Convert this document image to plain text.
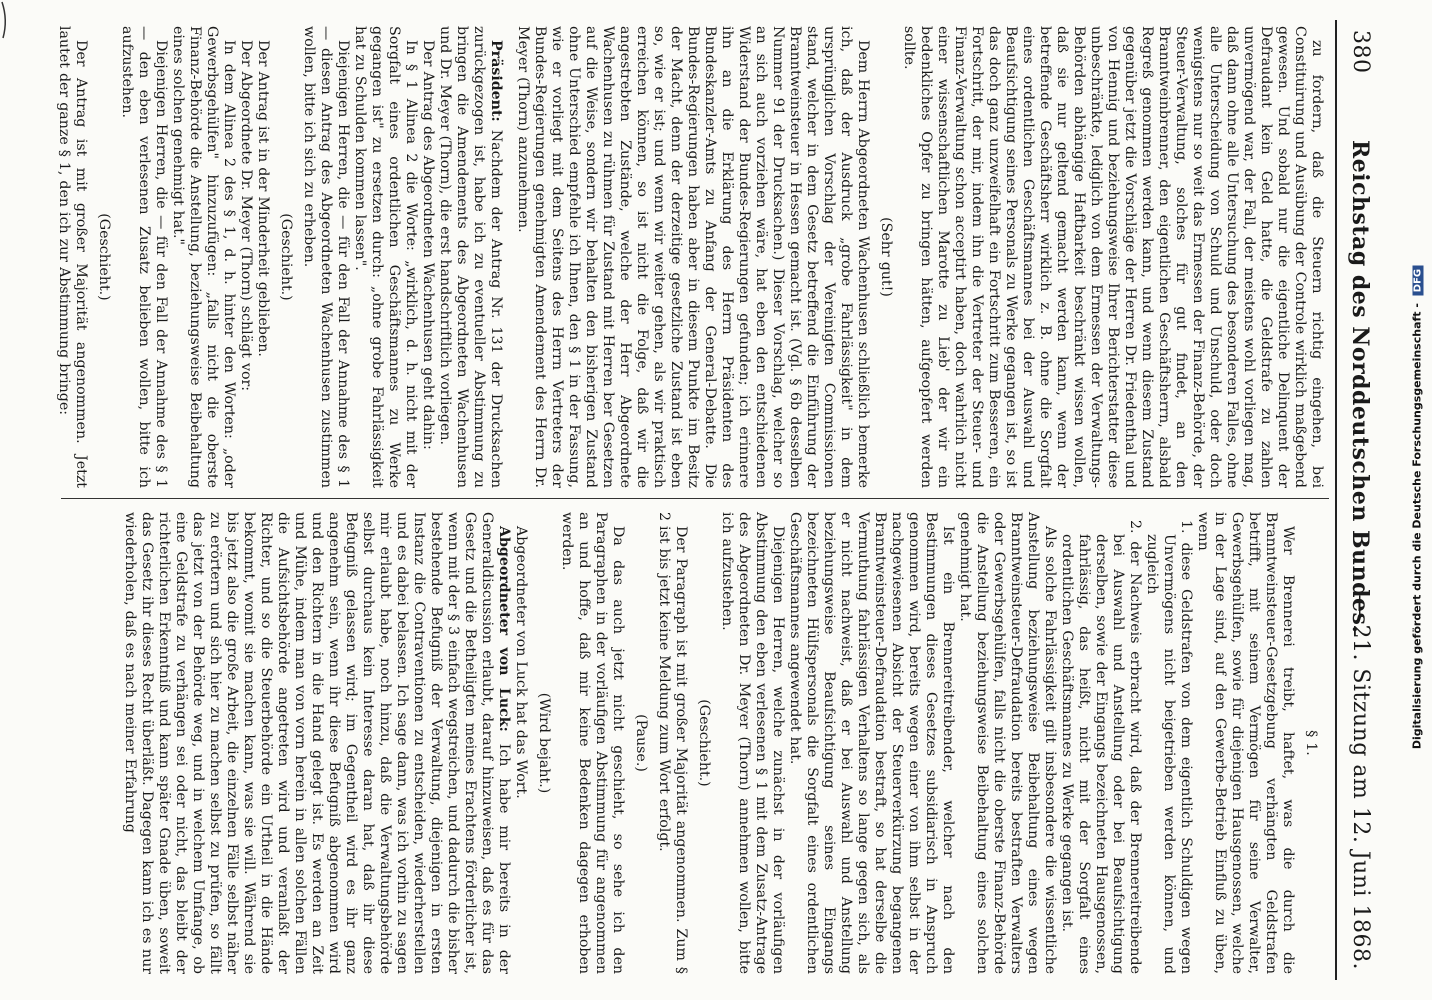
380
Reichstag des Norddeutschen Bundes.
— 21. Sitzung am 12. Juni 1868.

zu fordern, daß die Steuern richtig eingehen, bei Constituirung und Ausübung der Controle wirklich maßgebend gewesen. Und sobald nur die eigentliche Delinquent der Defraudant kein Geld hatte, die Geldstrafe zu zahlen unvermögend war, der Fall, der meistens wohl vorliegen mag, daß dann ohne alle Untersuchung des besonderen Falles, ohne alle Unterscheidung von Schuld und Unschuld, oder doch wenigstens nur so weit das Ermessen der Finanz-Behörde, der Steuer-Verwaltung, solches für gut findet, an den Branntweinbrenner, den eigentlichen Geschäftsherrn, alsbald Regreß genommen werden kann, und wenn diesem Zustand gegenüber jetzt die Vorschläge der Herren Dr. Friedenthal und von Hennig und beziehungsweise Ihrer Berichterstatter diese unbeschränkte, lediglich von dem Ermessen der Verwaltungs-Behörden abhängige Haftbarkeit beschränkt wissen wollen, daß sie nur geltend gemacht werden kann, wenn der betreffende Geschäftsherr wirklich z. B. ohne die Sorgfalt eines ordentlichen Geschäftsmannes bei der Auswahl und Beaufsichtigung seines Personals zu Werke gegangen ist, so ist das doch ganz unzweifelhaft ein Fortschritt zum Besseren, ein Fortschritt, der mir, indem ihn die Vertreter der Steuer- und Finanz-Verwaltung schon acceptirt haben, doch wahrlich nicht einer wissenschaftlichen Marotte zu Lieb' der wir ein bedenkliches Opfer zu bringen hätten, aufgeopfert werden sollte.

(Sehr gut!)

Dem Herrn Abgeordneten Wachenhusen schließlich bemerke ich, daß der Ausdruck „grobe Fahrlässigkeit" in dem ursprünglichen Vorschlag der Vereinigten Commissionen stand, welcher in dem Gesetz betreffend die Einführung der Branntweinsteuer in Hessen gemacht ist. (Vgl. § 6b desselben Nummer 91 der Drucksachen.) Dieser Vorschlag, welcher so an sich auch vorziehen wäre, hat eben den entschiedenen Widerstand der Bundes-Regierungen gefunden; ich erinnere ihn an die Erklärung des Herrn Präsidenten des Bundeskanzler-Amts zu Anfang der General-Debatte. Die Bundes-Regierungen haben aber in diesem Punkte im Besitz der Macht, denn der derzeitige gesetzliche Zustand ist eben so, wie er ist; und wenn wir weiter gehen, als wir praktisch erreichen können, so ist nicht die Folge, daß wir die angestrebten Zustände, welche der Herr Abgeordnete Wachenhusen zu rühmen für Zustand mit Herren ber Gesetzen auf die Weise, sondern wir behalten den bisherigen Zustand ohne Unterschied empfehle ich Ihnen, den § 1 in der Fassung, wie er vorliegt mit dem Seitens des Herrn Vertreters der Bundes-Regierungen genehmigten Amendement des Herrn Dr. Meyer (Thorn) anzunehmen.

Präsident: Nachdem der Antrag Nr. 131 der Drucksachen zurückgezogen ist, habe ich zu eventueller Abstimmung zu bringen die Amendements des Abgeordneten Wachenhusen und Dr. Meyer (Thorn), die erst handschriftlich vorliegen.

Der Antrag des Abgeordneten Wachenhusen geht dahin:

In § 1 Alinea 2 die Worte: „wirklich, d. h. nicht mit der Sorgfalt eines ordentlichen Geschäftsmannes zu Werke gegangen ist" zu ersetzen durch: „ohne grobe Fahrlässigkeit hat zu Schulden kommen lassen".

Diejenigen Herren, die — für den Fall der Annahme des § 1 — diesen Antrag des Abgeordneten Wachenhusen zustimmen wollen, bitte ich sich zu erheben.

(Geschieht.)

Der Antrag ist in der Minderheit geblieben.

Der Abgeordnete Dr. Meyer (Thorn) schlägt vor:

In dem Alinea 2 des § 1, d. h. hinter den Worten: „oder Gewerbsgehülfen" hinzuzufügen: „falls nicht die oberste Finanz-Behörde die Anstellung, beziehungsweise Beibehaltung eines solchen genehmigt hat."

Diejenigen Herren, die — für den Fall der Annahme des § 1 — den eben verlesenen Zusatz belieben wollen, bitte ich aufzustehen.

(Geschieht.)

Der Antrag ist mit großer Majorität angenommen. Jetzt lautet der ganze § 1, den ich zur Abstimmung bringe:

§ 1.

Wer Brennerei treibt, haftet, was die durch die Branntweinsteuer-Gesetzgebung verhängten Geldstrafen betrifft, mit seinem Vermögen für seine Verwalter, Gewerbsgehülfen, sowie für diejenigen Hausgenossen, welche in der Lage sind, auf den Gewerbe-Betrieb Einfluß zu üben, wenn

1. diese Geldstrafen von dem eigentlich Schuldigen wegen Unvermögens nicht beigetrieben werden können, und zugleich

2. der Nachweis erbracht wird, daß der Brennereitreibende bei Auswahl und Anstellung oder bei Beaufsichtigung derselben, sowie der Eingangs bezeichneten Hausgenossen, fahrlässig, das heißt, nicht mit der Sorgfalt eines ordentlichen Geschäftsmannes zu Werke gegangen ist.

Als solche Fahrlässigkeit gilt insbesondere die wissentliche Anstellung beziehungsweise Beibehaltung eines wegen Branntweinsteuer-Defraudation bereits bestraften Verwalters oder Gewerbsgehülfen, falls nicht die oberste Finanz-Behörde die Anstellung beziehungsweise Beibehaltung eines solchen genehmigt hat.

Ist ein Brennereitreibender, welcher nach den Bestimmungen dieses Gesetzes subsidiarisch in Anspruch genommen wird, bereits wegen einer von ihm selbst in der nachgewiesenen Absicht der Steuerverkürzung begangenen Branntweinsteuer-Defraudation bestraft, so hat derselbe die Vermuthung fahrlässigen Verhaltens so lange gegen sich, als er nicht nachweist, daß er bei Auswahl und Anstellung beziehungsweise Beaufsichtigung seines Eingangs bezeichneten Hülfspersonals die Sorgfalt eines ordentlichen Geschäftsmannes angewendet hat.

Diejenigen Herren, welche zunächst in der vorläufigen Abstimmung den eben verlesenen § 1 mit dem Zusatz-Antrage des Abgeordneten Dr. Meyer (Thorn) annehmen wollen, bitte ich aufzustehen.

(Geschieht.)

Der Paragraph ist mit großer Majorität angenommen. Zum § 2 ist bis jetzt keine Meldung zum Wort erfolgt.

(Pause.)

Da das auch jetzt nicht geschieht, so sehe ich den Paragraphen in der vorläufigen Abstimmung für angenommen an und hoffe, daß mir keine Bedenken dagegen erhoben werden.

(Wird bejaht.)

Abgeordneter von Luck hat das Wort.

Abgeordneter von Luck: Ich habe mir bereits in der Generaldiscussion erlaubt, darauf hinzuweisen, daß es für das Gesetz und die Betheiligten meines Erachtens förderlicher ist, wenn mit der § 3 einfach wegstreichen, und dadurch die bisher bestehende Befugniß der Verwaltung, diejenigen in ersten Instanz die Contraventionen zu entscheiden, wiederherstellen und es dabei belassen. Ich sage dann, was ich vorhin zu sagen mir erlaubt habe, noch hinzu, daß die Verwaltungsbehörde selbst durchaus kein Interesse daran hat, daß ihr diese Befugniß gelassen wird; im Gegentheil wird es ihr ganz angenehm sein, wenn ihr diese Befugniß abgenommen wird und den Richtern in die Hand gelegt ist. Es werden an Zeit und Mühe, indem man von vorn herein in allen solchen Fällen die Aufsichtsbehörde angetreten wird und veranlaßt der Richter, und so die Steuerbehörde ein Urtheil in die Hände bekommt, womit sie machen kann, was sie will. Während sie bis jetzt also die große Arbeit, die einzelnen Fälle selbst näher zu erörtern und sich hier zu machen selbst zu prüfen, so fällt das jetzt von der Behörde weg, und in welchem Umfange, ob eine Geldstrafe zu verhängen sei oder nicht, das bleibt der richterlichen Erkenntniß und kann später Gnade üben, soweit das Gesetz ihr dieses Recht überläßt. Dagegen kann ich es nur wiederholen, daß es nach meiner Erfahrung	Digitalisierung gefördert durch die Deutsche Forschungsgemeinschaft - DFG
